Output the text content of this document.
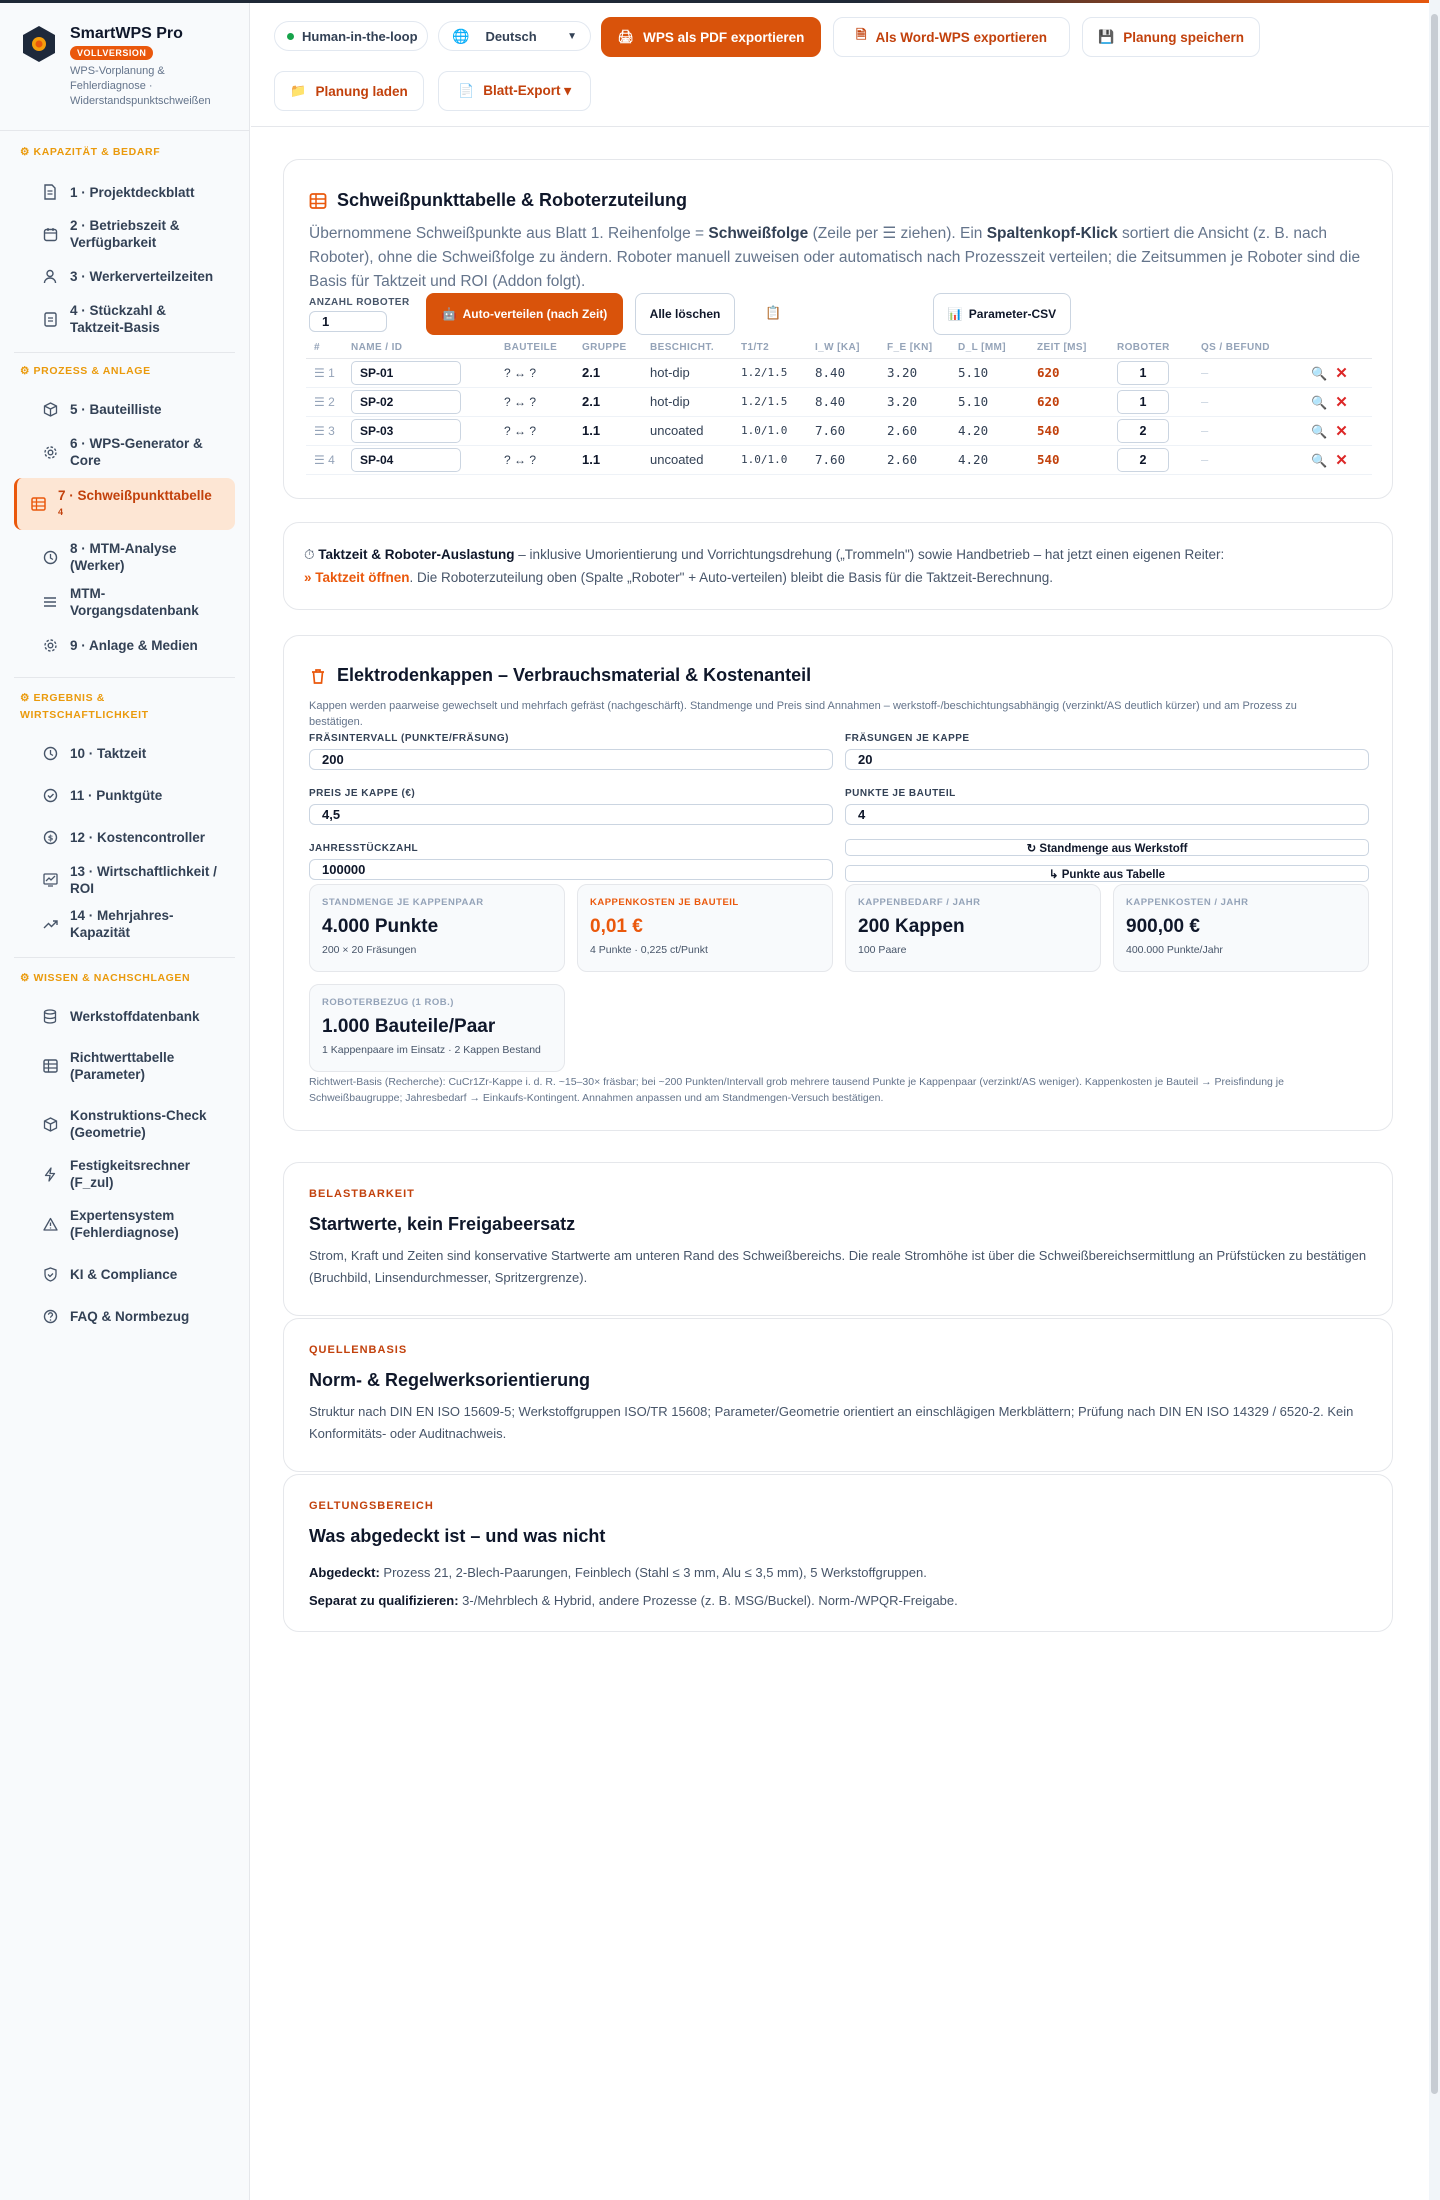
SmartWPS Pro
VOLLVERSION
WPS-Vorplanung & Fehlerdiagnose · Widerstandspunktschweißen
⚙ KAPAZITÄT & BEDARF
1 · Projektdeckblatt
2 · Betriebszeit & Verfügbarkeit
3 · Werkerverteilzeiten
4 · Stückzahl & Taktzeit-Basis
⚙ PROZESS & ANLAGE
5 · Bauteilliste
6 · WPS-Generator & Core
7 · Schweißpunkttabelle
4
8 · MTM-Analyse (Werker)
MTM-Vorgangsdatenbank
9 · Anlage & Medien
⚙ ERGEBNIS & WIRTSCHAFTLICHKEIT
10 · Taktzeit
11 · Punktgüte
$ 12 · Kostencontroller
13 · Wirtschaftlichkeit / ROI
14 · Mehrjahres-Kapazität
⚙ WISSEN & NACHSCHLAGEN
Werkstoffdatenbank
Richtwerttabelle (Parameter)
Konstruktions-Check (Geometrie)
Festigkeitsrechner (F_zul)
Expertensystem (Fehlerdiagnose)
KI & Compliance
FAQ & Normbezug
Human-in-the-loop 🌐 Deutsch	▼	🖨 WPS als PDF exportieren	🗎 Als Word-WPS exportieren	💾 Planung speichern
📁 Planung laden	📄 Blatt-Export ▾
Schweißpunkttabelle & Roboterzuteilung

Übernommene Schweißpunkte aus Blatt 1. Reihenfolge = Schweißfolge (Zeile per ☰ ziehen). Ein Spaltenkopf-Klick sortiert die Ansicht (z. B. nach Roboter), ohne die Schweißfolge zu ändern. Roboter manuell zuweisen oder automatisch nach Prozesszeit verteilen; die Zeitsummen je Roboter sind die Basis für Taktzeit und ROI (Addon folgt).

ANZAHL ROBOTER
1	🤖 Auto-verteilen (nach Zeit)	Alle löschen	📋	📊 Parameter-CSV
#	NAME / ID	BAUTEILE	GRUPPE	BESCHICHT.	T1/T2	I_W [KA]	F_E [KN]	D_L [MM]	ZEIT [MS]	ROBOTER	QS / BEFUND	
☰ 1	SP-01	? ↔ ?	2.1	hot-dip	1.2/1.5	8.40	3.20	5.10	620	1	–	🔍 ✕
☰ 2	SP-02	? ↔ ?	2.1	hot-dip	1.2/1.5	8.40	3.20	5.10	620	1	–	🔍 ✕
☰ 3	SP-03	? ↔ ?	1.1	uncoated	1.0/1.0	7.60	2.60	4.20	540	2	–	🔍 ✕
☰ 4	SP-04	? ↔ ?	1.1	uncoated	1.0/1.0	7.60	2.60	4.20	540	2	–	🔍 ✕

⏱ Taktzeit & Roboter-Auslastung – inklusive Umorientierung und Vorrichtungsdrehung („Trommeln") sowie Handbetrieb – hat jetzt einen eigenen Reiter:
» Taktzeit öffnen. Die Roboterzuteilung oben (Spalte „Roboter" + Auto-verteilen) bleibt die Basis für die Taktzeit-Berechnung.

Elektrodenkappen – Verbrauchsmaterial & Kostenanteil

Kappen werden paarweise gewechselt und mehrfach gefräst (nachgeschärft). Standmenge und Preis sind Annahmen – werkstoff-/beschichtungsabhängig (verzinkt/AS deutlich kürzer) und am Prozess zu bestätigen.

FRÄSINTERVALL (PUNKTE/FRÄSUNG)
200
FRÄSUNGEN JE KAPPE
20
PREIS JE KAPPE (€)
4,5
PUNKTE JE BAUTEIL
4
JAHRESSTÜCKZAHL
100000
↻ Standmenge aus Werkstoff
↳ Punkte aus Tabelle
STANDMENGE JE KAPPENPAAR
4.000 Punkte
200 × 20 Fräsungen
KAPPENKOSTEN JE BAUTEIL
0,01 €
4 Punkte · 0,225 ct/Punkt
KAPPENBEDARF / JAHR
200 Kappen
100 Paare
KAPPENKOSTEN / JAHR
900,00 €
400.000 Punkte/Jahr
ROBOTERBEZUG (1 ROB.)
1.000 Bauteile/Paar
1 Kappenpaare im Einsatz · 2 Kappen Bestand

Richtwert-Basis (Recherche): CuCr1Zr-Kappe i. d. R. ~15–30× fräsbar; bei ~200 Punkten/Intervall grob mehrere tausend Punkte je Kappenpaar (verzinkt/AS weniger). Kappenkosten je Bauteil → Preisfindung je Schweißbaugruppe; Jahresbedarf → Einkaufs-Kontingent. Annahmen anpassen und am Standmengen-Versuch bestätigen.

BELASTBARKEIT
Startwerte, kein Freigabeersatz
Strom, Kraft und Zeiten sind konservative Startwerte am unteren Rand des Schweißbereichs. Die reale Stromhöhe ist über die Schweißbereichsermittlung an Prüfstücken zu bestätigen (Bruchbild, Linsendurchmesser, Spritzergrenze).
QUELLENBASIS
Norm- & Regelwerksorientierung
Struktur nach DIN EN ISO 15609-5; Werkstoffgruppen ISO/TR 15608; Parameter/Geometrie orientiert an einschlägigen Merkblättern; Prüfung nach DIN EN ISO 14329 / 6520-2. Kein Konformitäts- oder Auditnachweis.
GELTUNGSBEREICH
Was abgedeckt ist – und was nicht
Abgedeckt: Prozess 21, 2-Blech-Paarungen, Feinblech (Stahl ≤ 3 mm, Alu ≤ 3,5 mm), 5 Werkstoffgruppen.
Separat zu qualifizieren: 3-/Mehrblech & Hybrid, andere Prozesse (z. B. MSG/Buckel). Norm-/WPQR-Freigabe.
